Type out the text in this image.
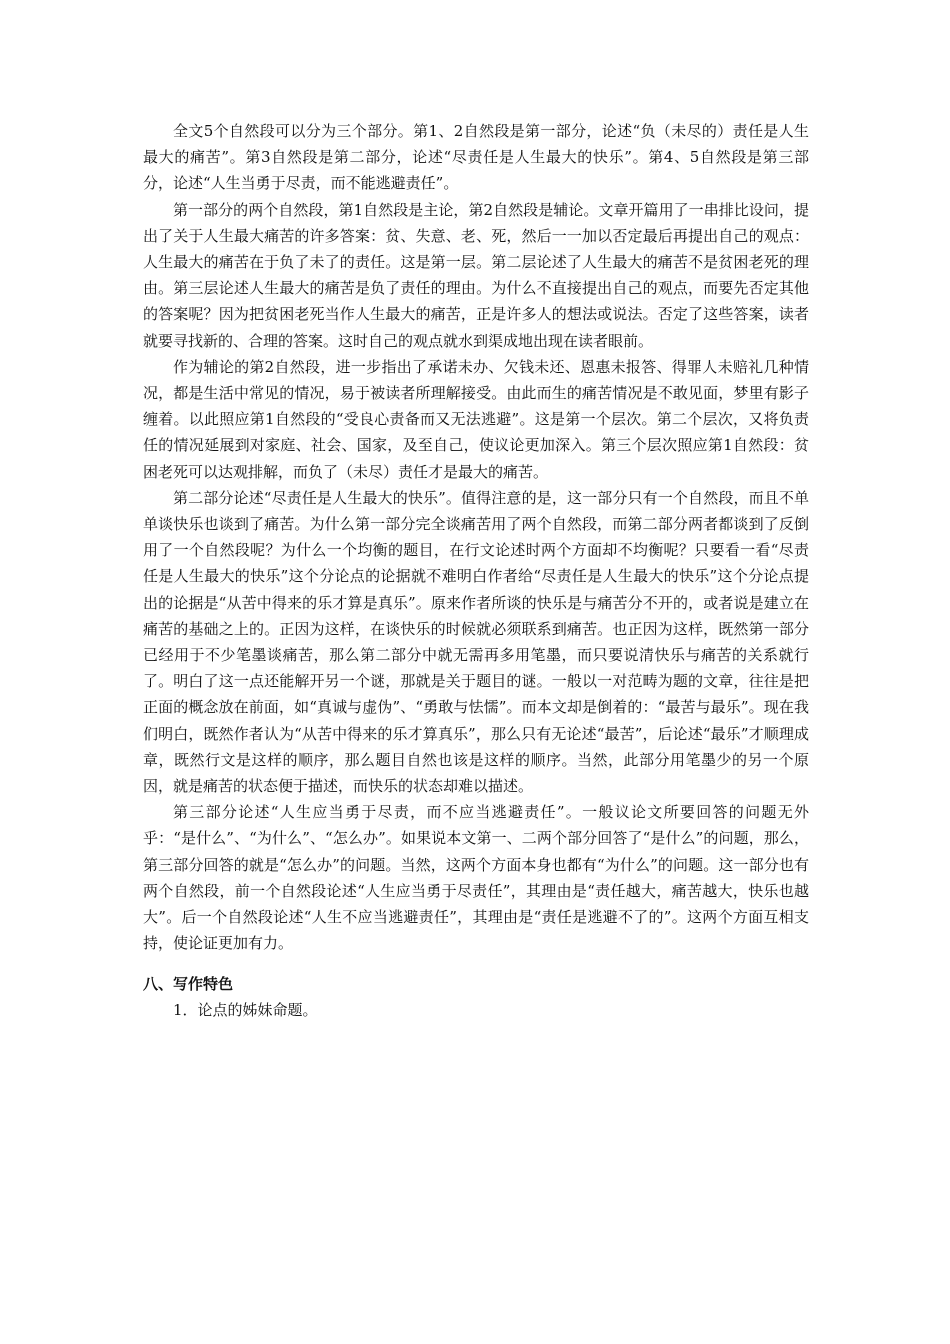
全文5个自然段可以分为三个部分。第1、2自然段是第一部分，论述“负（未尽的）责任是人生最大的痛苦”。第3自然段是第二部分，论述“尽责任是人生最大的快乐”。第4、5自然段是第三部分，论述“人生当勇于尽责，而不能逃避责任”。

第一部分的两个自然段，第1自然段是主论，第2自然段是辅论。文章开篇用了一串排比设问，提出了关于人生最大痛苦的许多答案：贫、失意、老、死，然后一一加以否定最后再提出自己的观点：人生最大的痛苦在于负了未了的责任。这是第一层。第二层论述了人生最大的痛苦不是贫困老死的理由。第三层论述人生最大的痛苦是负了责任的理由。为什么不直接提出自己的观点，而要先否定其他的答案呢？因为把贫困老死当作人生最大的痛苦，正是许多人的想法或说法。否定了这些答案，读者就要寻找新的、合理的答案。这时自己的观点就水到渠成地出现在读者眼前。

作为辅论的第2自然段，进一步指出了承诺未办、欠钱未还、恩惠未报答、得罪人未赔礼几种情况，都是生活中常见的情况，易于被读者所理解接受。由此而生的痛苦情况是不敢见面，梦里有影子缠着。以此照应第1自然段的“受良心责备而又无法逃避”。这是第一个层次。第二个层次，又将负责任的情况延展到对家庭、社会、国家，及至自己，使议论更加深入。第三个层次照应第1自然段：贫困老死可以达观排解，而负了（未尽）责任才是最大的痛苦。

第二部分论述“尽责任是人生最大的快乐”。值得注意的是，这一部分只有一个自然段，而且不单单谈快乐也谈到了痛苦。为什么第一部分完全谈痛苦用了两个自然段，而第二部分两者都谈到了反倒用了一个自然段呢？为什么一个均衡的题目，在行文论述时两个方面却不均衡呢？只要看一看“尽责任是人生最大的快乐”这个分论点的论据就不难明白作者给“尽责任是人生最大的快乐”这个分论点提出的论据是“从苦中得来的乐才算是真乐”。原来作者所谈的快乐是与痛苦分不开的，或者说是建立在痛苦的基础之上的。正因为这样，在谈快乐的时候就必须联系到痛苦。也正因为这样，既然第一部分已经用于不少笔墨谈痛苦，那么第二部分中就无需再多用笔墨，而只要说清快乐与痛苦的关系就行了。明白了这一点还能解开另一个谜，那就是关于题目的谜。一般以一对范畴为题的文章，往往是把正面的概念放在前面，如“真诚与虚伪”、“勇敢与怯懦”。而本文却是倒着的：“最苦与最乐”。现在我们明白，既然作者认为“从苦中得来的乐才算真乐”，那么只有无论述“最苦”，后论述“最乐”才顺理成章，既然行文是这样的顺序，那么题目自然也该是这样的顺序。当然，此部分用笔墨少的另一个原因，就是痛苦的状态便于描述，而快乐的状态却难以描述。

第三部分论述“人生应当勇于尽责，而不应当逃避责任”。一般议论文所要回答的问题无外乎：“是什么”、“为什么”、“怎么办”。如果说本文第一、二两个部分回答了“是什么”的问题，那么，第三部分回答的就是“怎么办”的问题。当然，这两个方面本身也都有“为什么”的问题。这一部分也有两个自然段，前一个自然段论述“人生应当勇于尽责任”，其理由是“责任越大，痛苦越大，快乐也越大”。后一个自然段论述“人生不应当逃避责任”，其理由是“责任是逃避不了的”。这两个方面互相支持，使论证更加有力。

八、写作特色
1．论点的姊妹命题。
